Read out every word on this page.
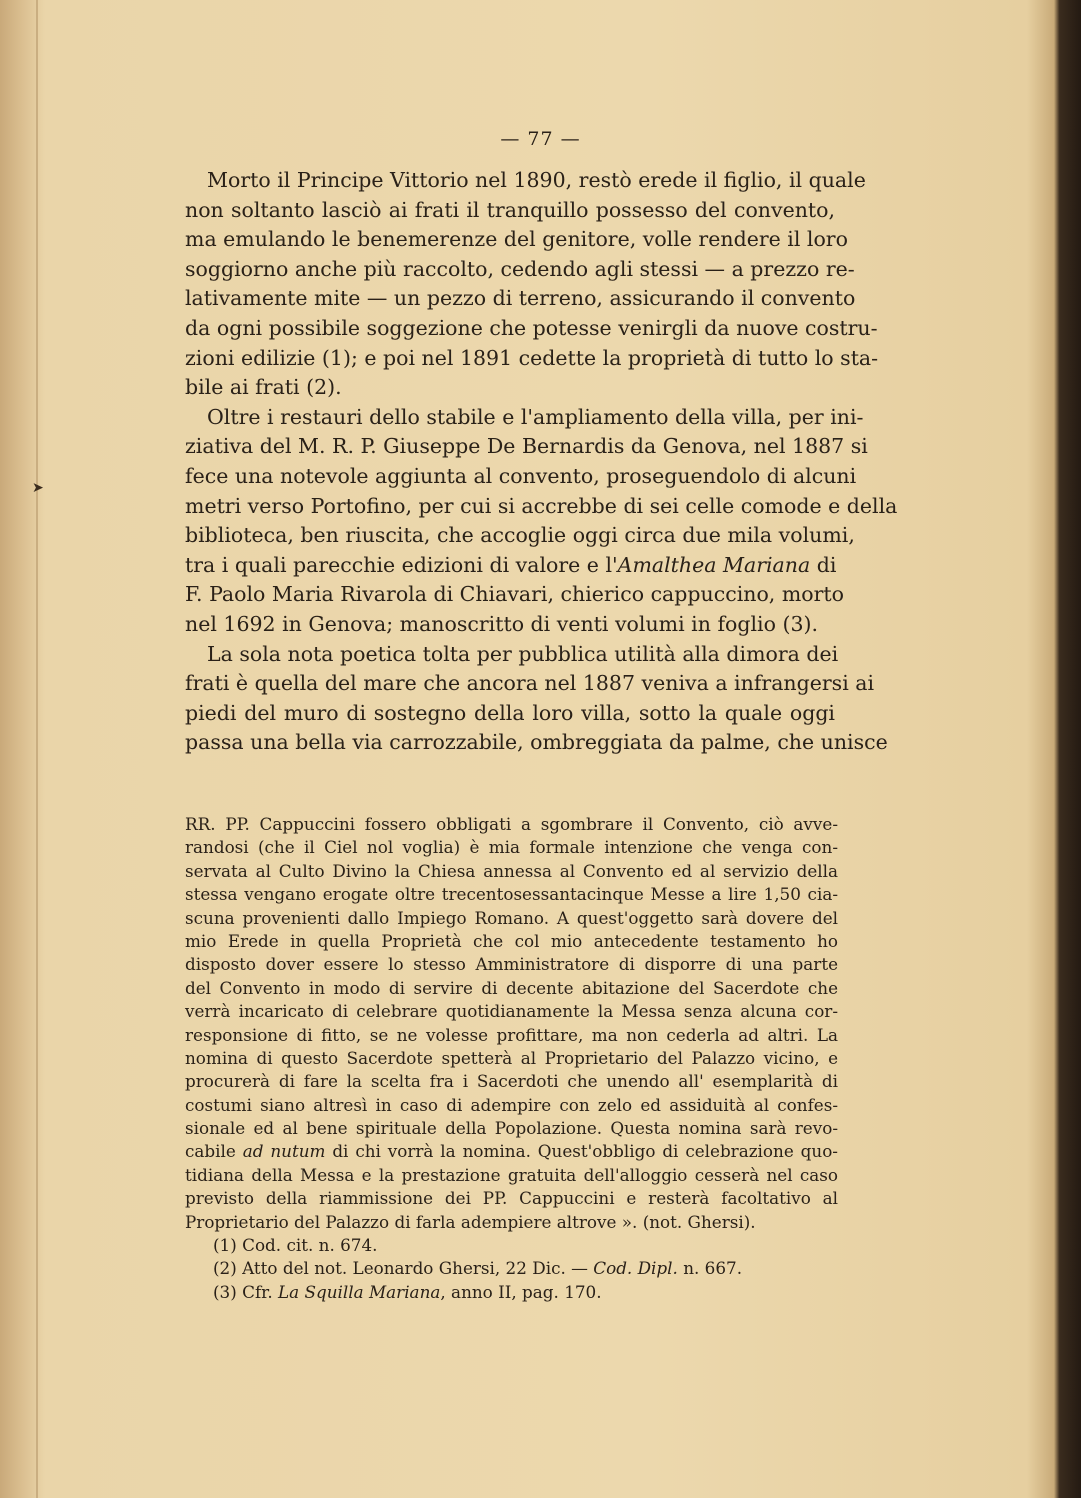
➤
— 77 —
Morto il Principe Vittorio nel 1890, restò erede il figlio, il quale
non soltanto lasciò ai frati il tranquillo possesso del convento,
ma emulando le benemerenze del genitore, volle rendere il loro
soggiorno anche più raccolto, cedendo agli stessi — a prezzo re-
lativamente mite — un pezzo di terreno, assicurando il convento
da ogni possibile soggezione che potesse venirgli da nuove costru-
zioni edilizie (1); e poi nel 1891 cedette la proprietà di tutto lo sta-
bile ai frati (2).
Oltre i restauri dello stabile e l'ampliamento della villa, per ini-
ziativa del M. R. P. Giuseppe De Bernardis da Genova, nel 1887 si
fece una notevole aggiunta al convento, proseguendolo di alcuni
metri verso Portofino, per cui si accrebbe di sei celle comode e della
biblioteca, ben riuscita, che accoglie oggi circa due mila volumi,
tra i quali parecchie edizioni di valore e l'Amalthea Mariana di
F. Paolo Maria Rivarola di Chiavari, chierico cappuccino, morto
nel 1692 in Genova; manoscritto di venti volumi in foglio (3).
La sola nota poetica tolta per pubblica utilità alla dimora dei
frati è quella del mare che ancora nel 1887 veniva a infrangersi ai
piedi del muro di sostegno della loro villa, sotto la quale oggi
passa una bella via carrozzabile, ombreggiata da palme, che unisce
RR. PP. Cappuccini fossero obbligati a sgombrare il Convento, ciò avve-
randosi (che il Ciel nol voglia) è mia formale intenzione che venga con-
servata al Culto Divino la Chiesa annessa al Convento ed al servizio della
stessa vengano erogate oltre trecentosessantacinque Messe a lire 1,50 cia-
scuna provenienti dallo Impiego Romano. A quest'oggetto sarà dovere del
mio Erede in quella Proprietà che col mio antecedente testamento ho
disposto dover essere lo stesso Amministratore di disporre di una parte
del Convento in modo di servire di decente abitazione del Sacerdote che
verrà incaricato di celebrare quotidianamente la Messa senza alcuna cor-
responsione di fitto, se ne volesse profittare, ma non cederla ad altri. La
nomina di questo Sacerdote spetterà al Proprietario del Palazzo vicino, e
procurerà di fare la scelta fra i Sacerdoti che unendo all' esemplarità di
costumi siano altresì in caso di adempire con zelo ed assiduità al confes-
sionale ed al bene spirituale della Popolazione. Questa nomina sarà revo-
cabile ad nutum di chi vorrà la nomina. Quest'obbligo di celebrazione quo-
tidiana della Messa e la prestazione gratuita dell'alloggio cesserà nel caso
previsto della riammissione dei PP. Cappuccini e resterà facoltativo al
Proprietario del Palazzo di farla adempiere altrove ». (not. Ghersi).
(1) Cod. cit. n. 674.
(2) Atto del not. Leonardo Ghersi, 22 Dic. — Cod. Dipl. n. 667.
(3) Cfr. La Squilla Mariana, anno II, pag. 170.
